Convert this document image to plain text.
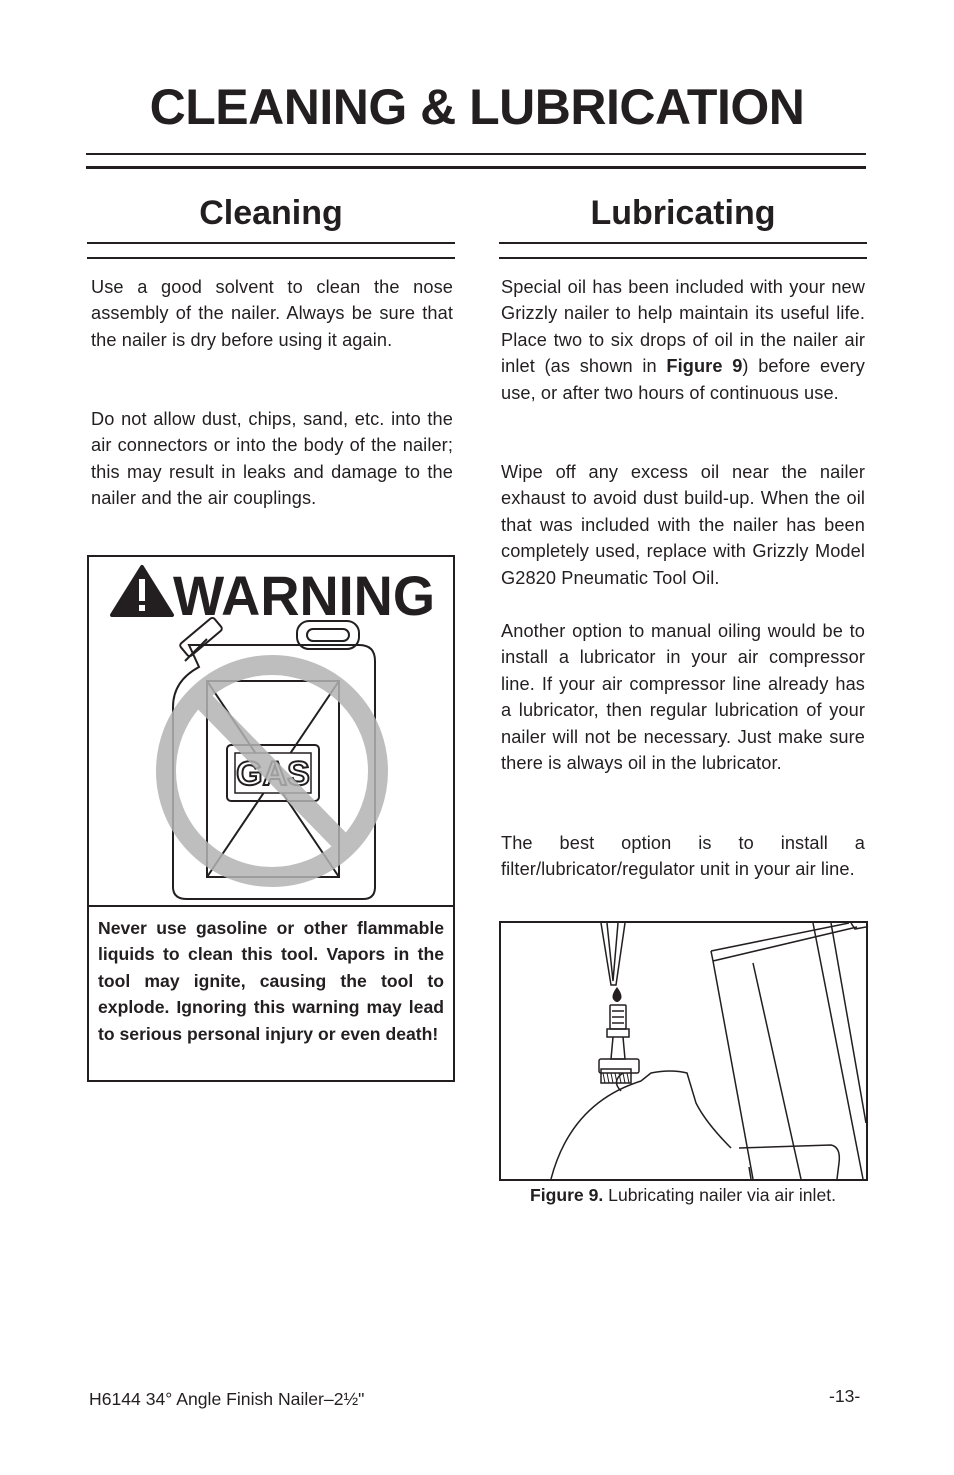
CLEANING & LUBRICATION
Cleaning

Use a good solvent to clean the nose assembly of the nailer. Always be sure that the nailer is dry before using it again.

Do not allow dust, chips, sand, etc. into the air connectors or into the body of the nailer; this may result in leaks and damage to the nailer and the air couplings.

WARNING
GAS

Never use gasoline or other flammable liquids to clean this tool. Vapors in the tool may ignite, causing the tool to explode. Ignoring this warning may lead to serious personal injury or even death!

Lubricating

Special oil has been included with your new Grizzly nailer to help maintain its useful life. Place two to six drops of oil in the nailer air inlet (as shown in Figure 9) before every use, or after two hours of continuous use.

Wipe off any excess oil near the nailer exhaust to avoid dust build-up. When the oil that was included with the nailer has been completely used, replace with Grizzly Model G2820 Pneumatic Tool Oil.

Another option to manual oiling would be to install a lubricator in your air compressor line. If your air compressor line already has a lubricator, then regular lubrication of your nailer will not be necessary. Just make sure there is always oil in the lubricator.

The best option is to install a filter/lubricator/regulator unit in your air line.

Figure 9. Lubricating nailer via air inlet.

H6144 34° Angle Finish Nailer–2½"	-13-
